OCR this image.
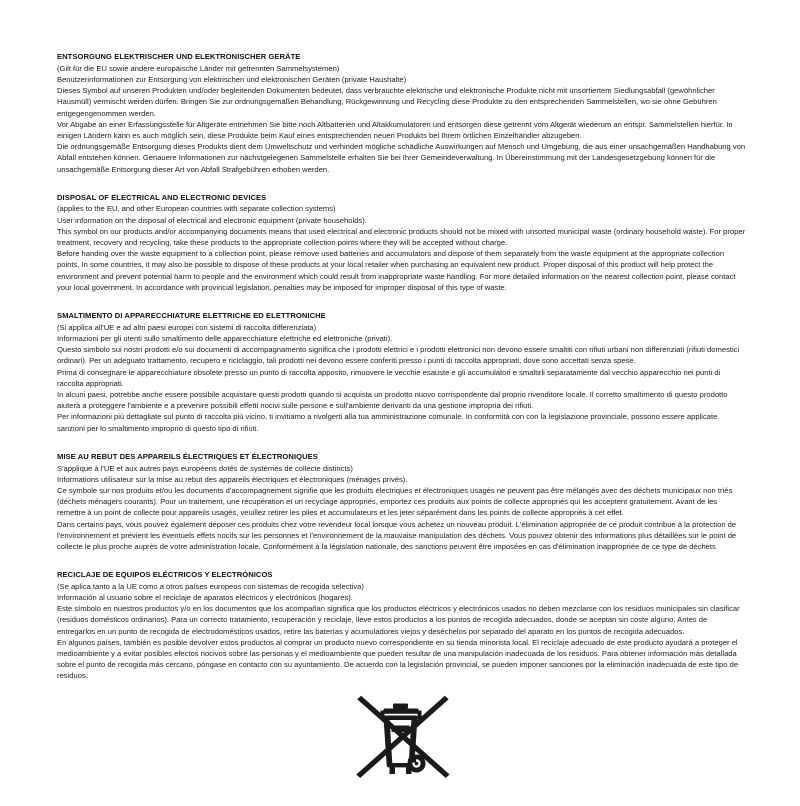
ENTSORGUNG ELEKTRISCHER UND ELEKTRONISCHER GERÄTE

(Gilt für die EU sowie andere europäische Länder mit getrennten Sammelsystemen)

Benutzerinformationen zur Entsorgung von elektrischen und elektronischen Geräten (private Haushalte)

Dieses Symbol auf unseren Produkten und/oder begleitenden Dokumenten bedeutet, dass verbrauchte elektrische und elektronische Produkte nicht mit unsortiertem Siedlungsabfall (gewöhnlicher Hausmüll) vermischt werden dürfen. Bringen Sie zur ordnungsgemäßen Behandlung, Rückgewinnung und Recycling diese Produkte zu den entsprechenden Sammelstellen, wo sie ohne Gebühren entgegengenommen werden.

Vor Abgabe an einer Erfassungsstelle für Altgeräte entnehmen Sie bitte noch Altbatterien und Altakkumulatoren und entsorgen diese getrennt vom Altgerät wiederum an entspr. Sammelstellen hierfür. In einigen Ländern kann es auch möglich sein, diese Produkte beim Kauf eines entsprechenden neuen Produkts bei Ihrem örtlichen Einzelhändler abzugeben.

Die ordnungsgemäße Entsorgung dieses Produkts dient dem Umweltschutz und verhindert mögliche schädliche Auswirkungen auf Mensch und Umgebung, die aus einer unsachgemäßen Handhabung von Abfall entstehen können. Genauere Informationen zur nächstgelegenen Sammelstelle erhalten Sie bei Ihrer Gemeindeverwaltung. In Übereinstimmung mit der Landesgesetzgebung können für die unsachgemäße Entsorgung dieser Art von Abfall Strafgebühren erhoben werden.

DISPOSAL OF ELECTRICAL AND ELECTRONIC DEVICES

(applies to the EU, and other European countries with separate collection systems)

User information on the disposal of electrical and electronic equipment (private households).

This symbol on our products and/or accompanying documents means that used electrical and electronic products should not be mixed with unsorted municipal waste (ordinary household waste). For proper treatment, recovery and recycling, take these products to the appropriate collection points where they will be accepted without charge.

Before handing over the waste equipment to a collection point, please remove used batteries and accumulators and dispose of them separately from the waste equipment at the appropriate collection points. In some countries, it may also be possible to dispose of these products at your local retailer when purchasing an equivalent new product. Proper disposal of this product will help protect the environment and prevent potential harm to people and the environment which could result from inappropriate waste handling. For more detailed information on the nearest collection point, please contact your local government. In accordance with provincial legislation, penalties may be imposed for improper disposal of this type of waste.

SMALTIMENTO DI APPARECCHIATURE ELETTRICHE ED ELETTRONICHE

(Si applica all'UE e ad altri paesi europei con sistemi di raccolta differenziata)

Informazioni per gli utenti sullo smaltimento delle apparecchiature elettriche ed elettroniche (privati).

Questo simbolo sui nostri prodotti e/o sui documenti di accompagnamento significa che i prodotti elettrici e i prodotti elettronici non devono essere smaltiti con rifiuti urbani non differenziati (rifiuti domestici ordinari). Per un adeguato trattamento, recupero e riciclaggio, tali prodotti nei devono essere conferiti presso i punti di raccolta appropriati, dove sono accettati senza spese.

Prima di consegnare le apparecchiature obsolete presso un punto di raccolta apposito, rimuovere le vecchie esauste e gli accumulatori e smaltirli separatamente dal vecchio apparecchio nei punti di raccolta appropriati.

In alcuni paesi, potrebbe anche essere possibile acquistare questi prodotti quando si acquista un prodotto nuovo corrispondente dal proprio rivenditore locale. Il corretto smaltimento di questo prodotto aiuterà a proteggere l'ambiente e a prevenire possibili effetti nocivi sulle persone e sull'ambiente derivanti da una gestione impropria dei rifiuti.

Per informazioni più dettagliate sul punto di raccolta più vicino, ti invitiamo a rivolgerti alla tua amministrazione comunale. In conformità con con la legislazione provinciale, possono essere applicate sanzioni per lo smaltimento improprio di questo tipo di rifiuti.

MISE AU REBUT DES APPAREILS ÉLECTRIQUES ET ÉLECTRONIQUES

S'applique à l'UE et aux autres pays européens dotés de systèmes de collecte distincts)

Informations utilisateur sur la mise au rebut des appareils électriques et électroniques (ménages privés).

Ce symbole sur nos produits et/ou les documents d'accompagnement signifie que les produits électriques et électroniques usagés ne peuvent pas être mélangés avec des déchets municipaux non triés (déchets ménagers courants). Pour un traitement, une récupération et un recyclage appropriés, emportez ces produits aux points de collecte appropriés qui les acceptent gratuitement. Avant de les remettre à un point de collecte pour appareils usagés, veuillez retirer les piles et accumulateurs et les jeter séparément dans les points de collecte appropriés à cet effet.

Dans certains pays, vous pouvez également déposer ces produits chez votre revendeur local lorsque vous achetez un nouveau produit. L'élimination appropriée de ce produit contribue à la protection de l'environnement et prévient les éventuels effets nocifs sur les personnes et l'environnement de la mauvaise manipulation des déchets. Vous pouvez obtenir des informations plus détaillées sur le point de collecte le plus proche auprès de votre administration locale. Conformément à la législation nationale, des sanctions peuvent être imposées en cas d'élimination inappropriée de ce type de déchets

RECICLAJE DE EQUIPOS ELÉCTRICOS Y ELECTRÓNICOS

(Se aplica tanto a la UE como a otros países europeos con sistemas de recogida selectiva)

Información al usuario sobre el reciclaje de aparatos eléctricos y electrónicos (hogares).

Este símbolo en nuestros productos y/o en los documentos que los acompañan significa que los productos eléctricos y electrónicos usados no deben mezclarse con los residuos municipales sin clasificar (residuos domésticos ordinarios). Para un correcto tratamiento, recuperación y reciclaje, lleve estos productos a los puntos de recogida adecuados, donde se aceptan sin coste alguno. Antes de entregarlos en un punto de recogida de electrodomésticos usados, retire las baterías y acumuladores viejos y deséchelos por separado del aparato en los puntos de recogida adecuados.

En algunos países, también es posible devolver estos productos al comprar un producto nuevo correspondiente en su tienda minorista local. El reciclaje adecuado de este producto ayudará a proteger el medioambiente y a evitar posibles efectos nocivos sobre las personas y el medioambiente que pueden resultar de una manipulación inadecuada de los residuos. Para obtener información más detallada sobre el punto de recogida más cercano, póngase en contacto con su ayuntamiento. De acuerdo con la legislación provincial, se pueden imponer sanciones por la eliminación inadecuada de este tipo de residuos.
